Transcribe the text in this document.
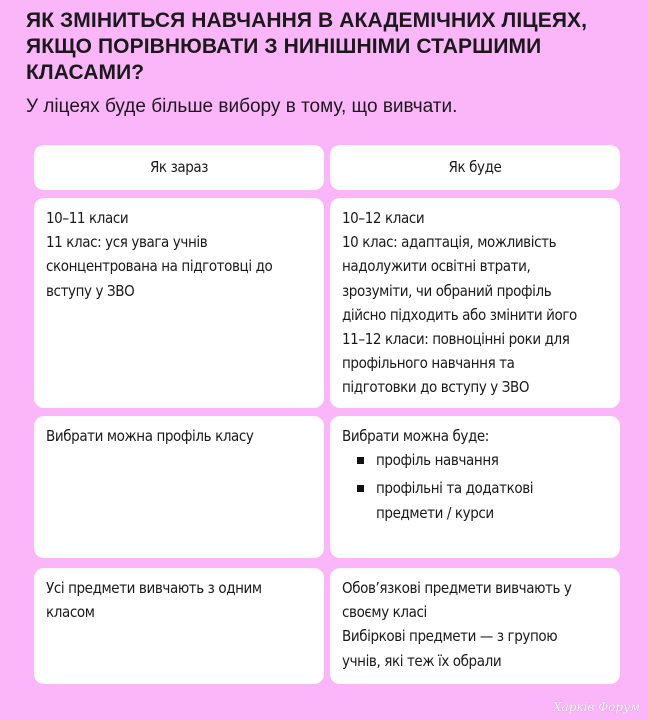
ЯК ЗМІНИТЬСЯ НАВЧАННЯ В АКАДЕМІЧНИХ ЛІЦЕЯХ,
ЯКЩО ПОРІВНЮВАТИ З НИНІШНІМИ СТАРШИМИ
КЛАСАМИ?
У ліцеях буде більше вибору в тому, що вивчати.
Як зараз	Як буде
10–11 класи
11 клас: уся увага учнів
сконцентрована на підготовці до
вступу у ЗВО
10–12 класи
10 клас: адаптація, можливість
надолужити освітні втрати,
зрозуміти, чи обраний профіль
дійсно підходить або змінити його
11–12 класи: повноцінні роки для
профільного навчання та
підготовки до вступу у ЗВО
Вибрати можна профіль класу	Вибрати можна буде:
профіль навчання
профільні та додаткові
предмети / курси
Усі предмети вивчають з одним
класом
Обов’язкові предмети вивчають у
своєму класі
Вибіркові предмети — з групою
учнів, які теж їх обрали
Харків Форум
